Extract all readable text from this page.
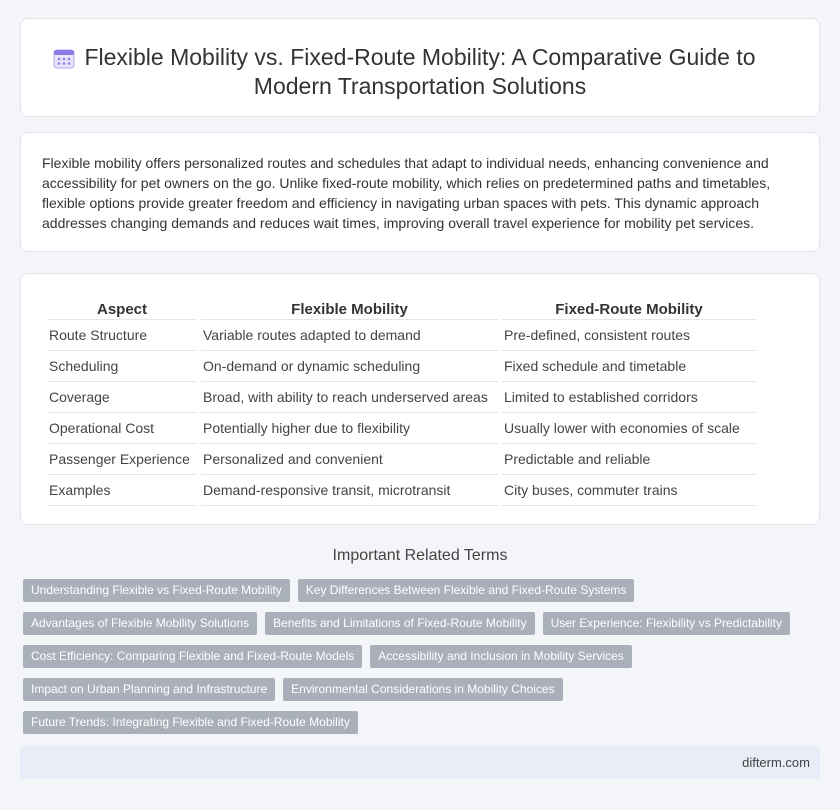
Flexible Mobility vs. Fixed-Route Mobility: A Comparative Guide to Modern Transportation Solutions

Flexible mobility offers personalized routes and schedules that adapt to individual needs, enhancing convenience and accessibility for pet owners on the go. Unlike fixed-route mobility, which relies on predetermined paths and timetables, flexible options provide greater freedom and efficiency in navigating urban spaces with pets. This dynamic approach addresses changing demands and reduces wait times, improving overall travel experience for mobility pet services.

Aspect	Flexible Mobility	Fixed-Route Mobility
Route Structure	Variable routes adapted to demand	Pre-defined, consistent routes
Scheduling	On-demand or dynamic scheduling	Fixed schedule and timetable
Coverage	Broad, with ability to reach underserved areas	Limited to established corridors
Operational Cost	Potentially higher due to flexibility	Usually lower with economies of scale
Passenger Experience	Personalized and convenient	Predictable and reliable
Examples	Demand-responsive transit, microtransit	City buses, commuter trains
Important Related Terms
Understanding Flexible vs Fixed-Route Mobility	Key Differences Between Flexible and Fixed-Route Systems
Advantages of Flexible Mobility Solutions	Benefits and Limitations of Fixed-Route Mobility	User Experience: Flexibility vs Predictability
Cost Efficiency: Comparing Flexible and Fixed-Route Models	Accessibility and Inclusion in Mobility Services
Impact on Urban Planning and Infrastructure	Environmental Considerations in Mobility Choices
Future Trends: Integrating Flexible and Fixed-Route Mobility
difterm.com
